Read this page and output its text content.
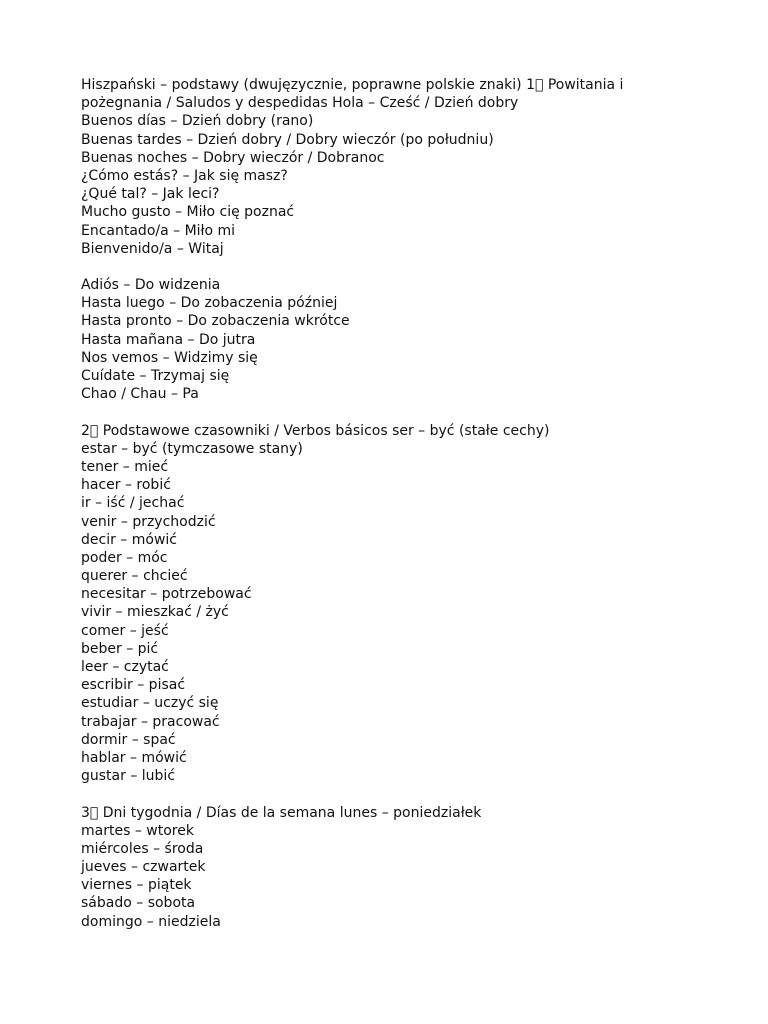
Hiszpański – podstawy (dwujęzycznie, poprawne polskie znaki) 1⃣ Powitania i
pożegnania / Saludos y despedidas Hola – Cześć / Dzień dobry
Buenos días – Dzień dobry (rano)
Buenas tardes – Dzień dobry / Dobry wieczór (po południu)
Buenas noches – Dobry wieczór / Dobranoc
¿Cómo estás? – Jak się masz?
¿Qué tal? – Jak leci?
Mucho gusto – Miło cię poznać
Encantado/a – Miło mi
Bienvenido/a – Witaj
Adiós – Do widzenia
Hasta luego – Do zobaczenia później
Hasta pronto – Do zobaczenia wkrótce
Hasta mañana – Do jutra
Nos vemos – Widzimy się
Cuídate – Trzymaj się
Chao / Chau – Pa
2⃣ Podstawowe czasowniki / Verbos básicos ser – być (stałe cechy)
estar – być (tymczasowe stany)
tener – mieć
hacer – robić
ir – iść / jechać
venir – przychodzić
decir – mówić
poder – móc
querer – chcieć
necesitar – potrzebować
vivir – mieszkać / żyć
comer – jeść
beber – pić
leer – czytać
escribir – pisać
estudiar – uczyć się
trabajar – pracować
dormir – spać
hablar – mówić
gustar – lubić
3⃣ Dni tygodnia / Días de la semana lunes – poniedziałek
martes – wtorek
miércoles – środa
jueves – czwartek
viernes – piątek
sábado – sobota
domingo – niedziela
